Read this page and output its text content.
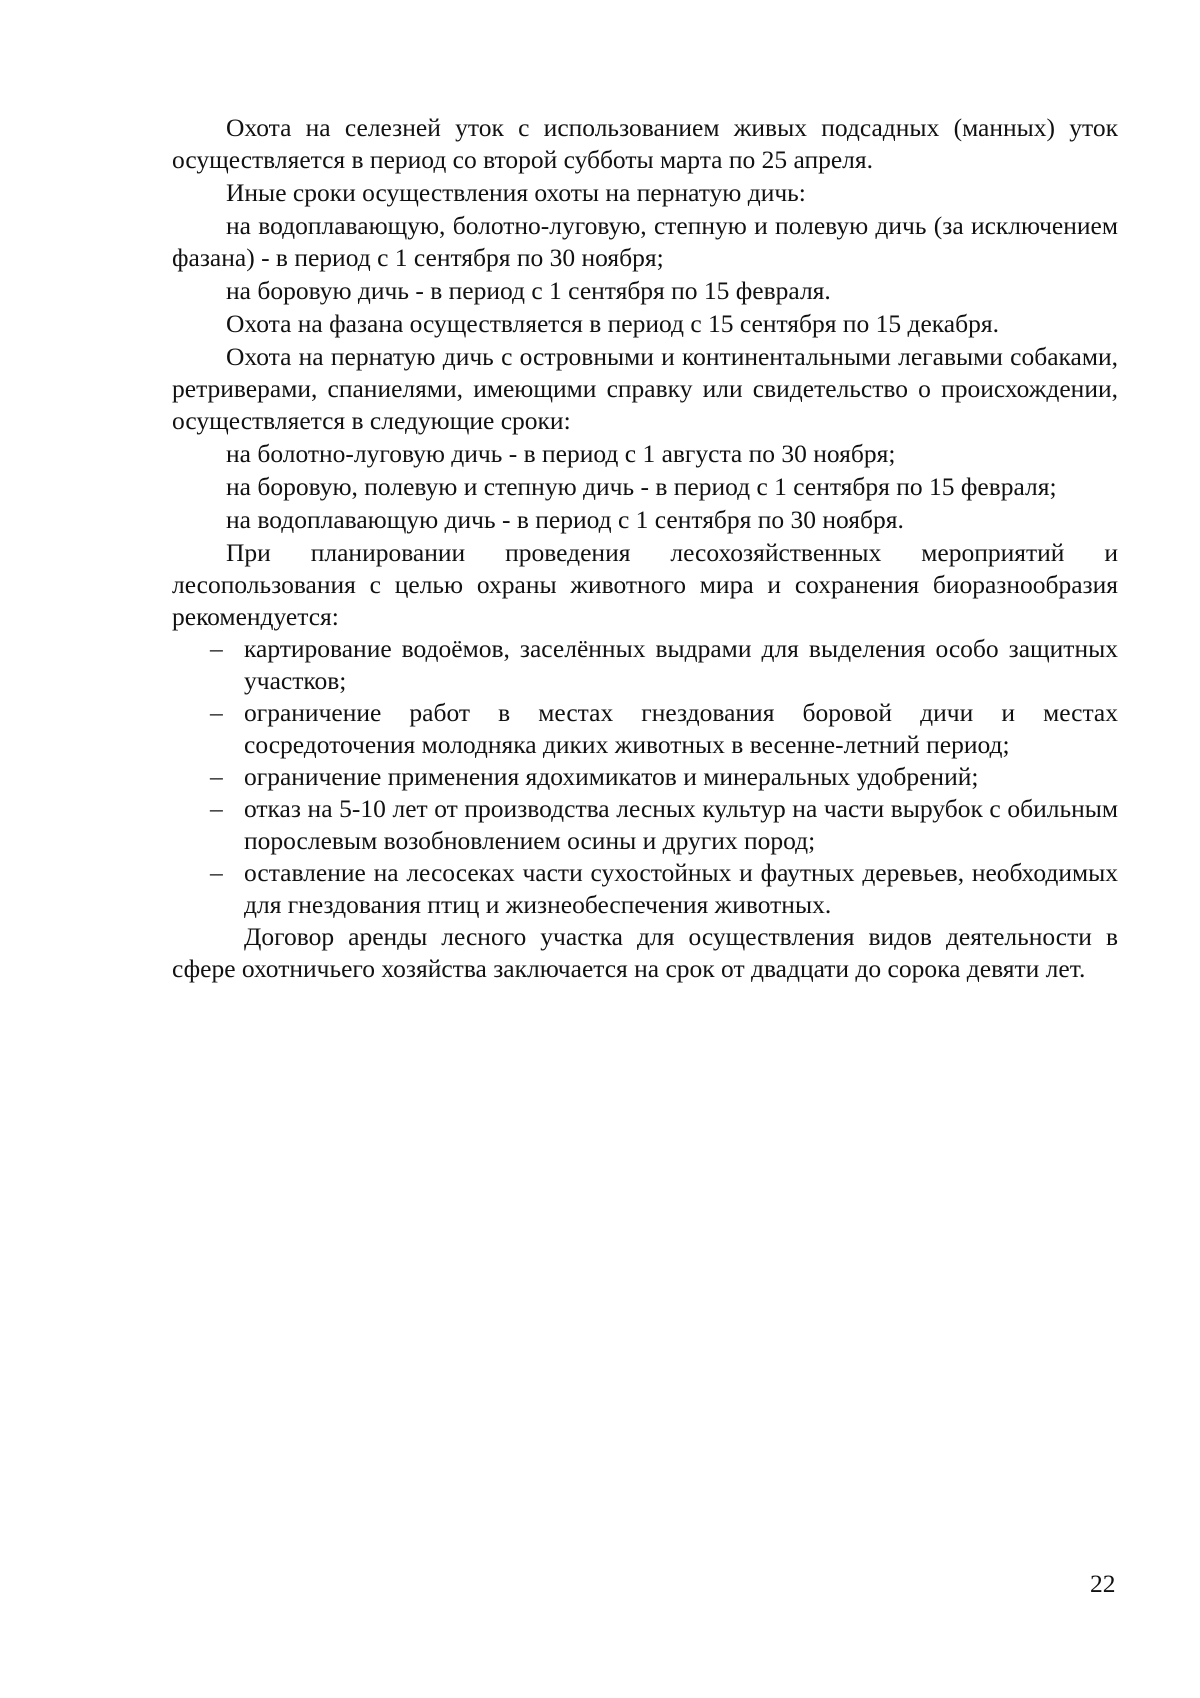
Охота на селезней уток с использованием живых подсадных (манных) уток осуществляется в период со второй субботы марта по 25 апреля.

Иные сроки осуществления охоты на пернатую дичь:

на водоплавающую, болотно-луговую, степную и полевую дичь (за исключением фазана) - в период с 1 сентября по 30 ноября;

на боровую дичь - в период с 1 сентября по 15 февраля.

Охота на фазана осуществляется в период с 15 сентября по 15 декабря.

Охота на пернатую дичь с островными и континентальными легавыми собаками, ретриверами, спаниелями, имеющими справку или свидетельство о происхождении, осуществляется в следующие сроки:

на болотно-луговую дичь - в период с 1 августа по 30 ноября;

на боровую, полевую и степную дичь - в период с 1 сентября по 15 февраля;

на водоплавающую дичь - в период с 1 сентября по 30 ноября.

При планировании проведения лесохозяйственных мероприятий и лесопользования с целью охраны животного мира и сохранения биоразнообразия рекомендуется:

– картирование водоёмов, заселённых выдрами для выделения особо защитных участков;
– ограничение работ в местах гнездования боровой дичи и местах сосредоточения молодняка диких животных в весенне-летний период;
– ограничение применения ядохимикатов и минеральных удобрений;
– отказ на 5-10 лет от производства лесных культур на части вырубок с обильным порослевым возобновлением осины и других пород;
– оставление на лесосеках части сухостойных и фаутных деревьев, необходимых для гнездования птиц и жизнеобеспечения животных.

Договор аренды лесного участка для осуществления видов деятельности в сфере охотничьего хозяйства заключается на срок от двадцати до сорока девяти лет.

22
